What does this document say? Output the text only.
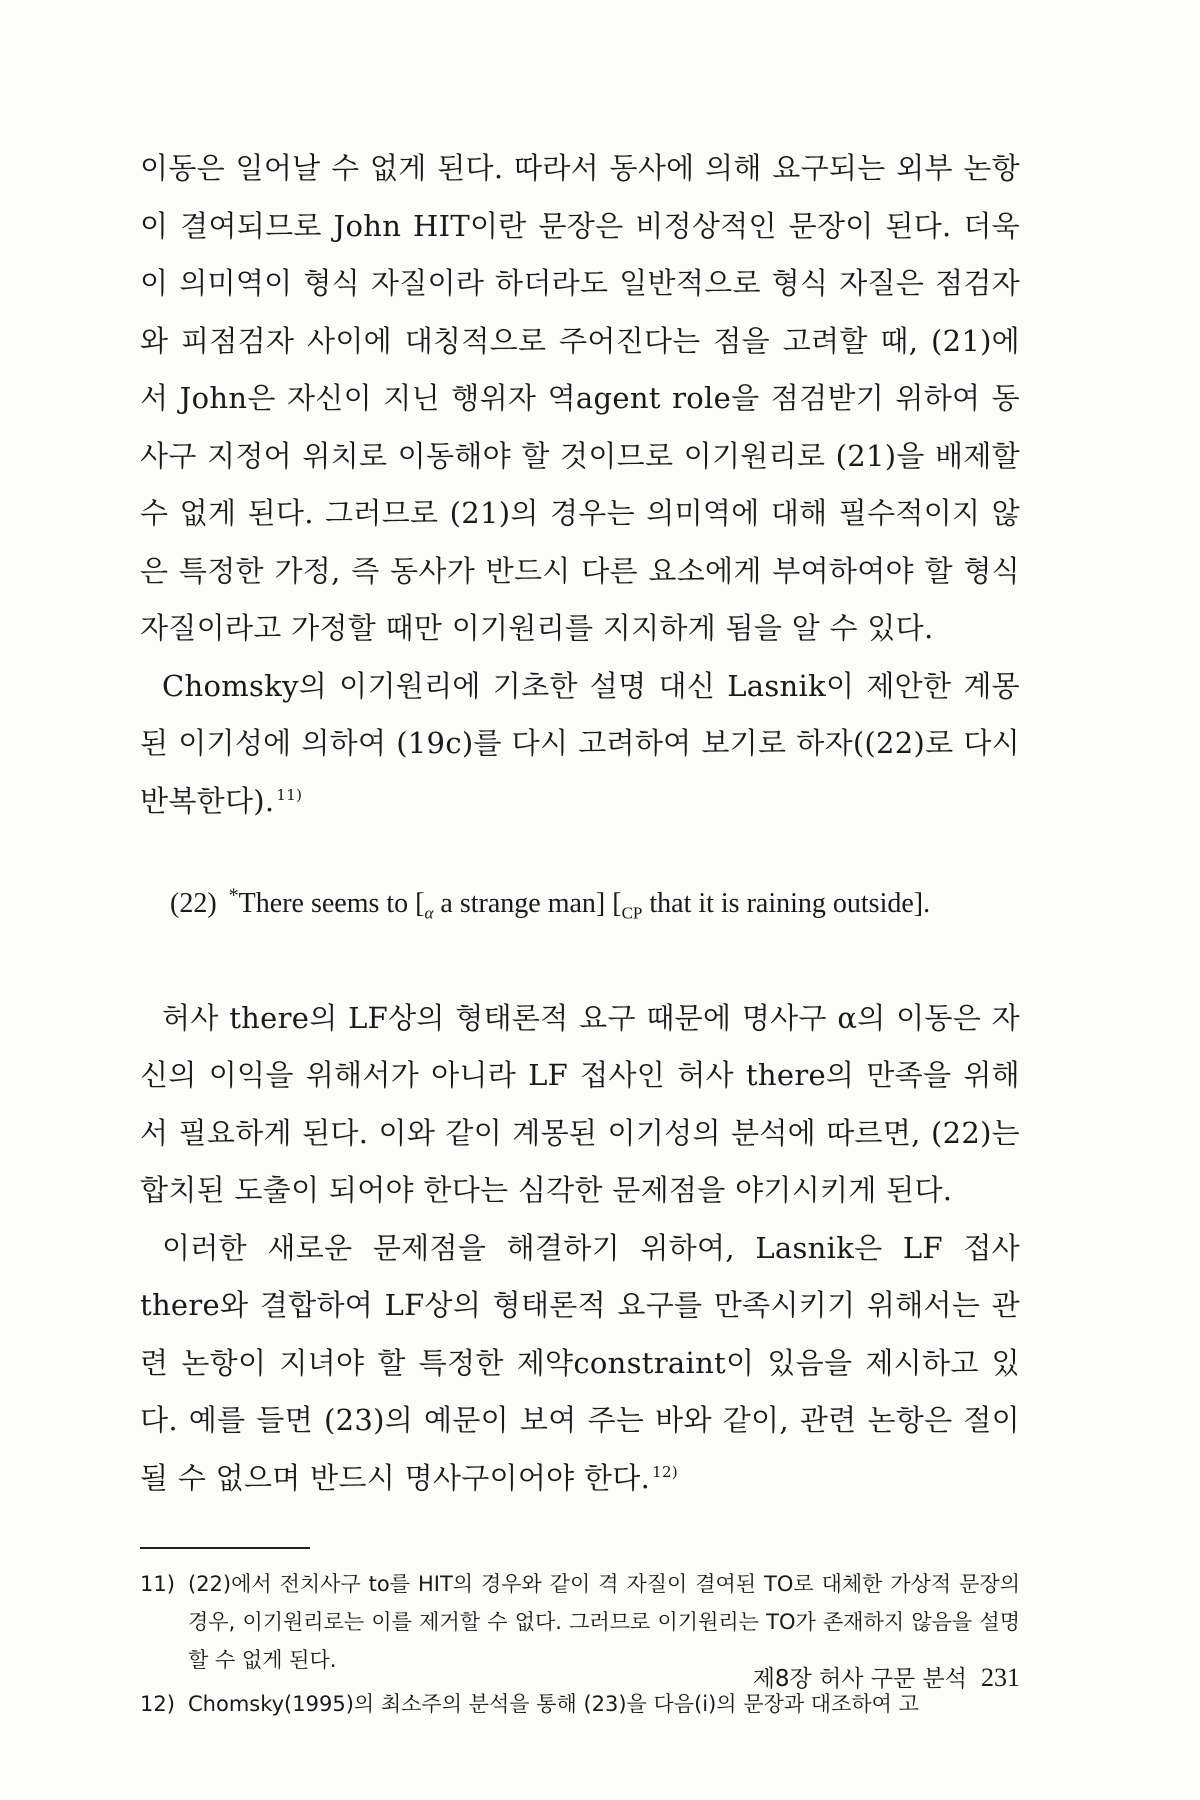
이동은 일어날 수 없게 된다. 따라서 동사에 의해 요구되는 외부 논항이 결여되므로 John HIT이란 문장은 비정상적인 문장이 된다. 더욱이 의미역이 형식 자질이라 하더라도 일반적으로 형식 자질은 점검자와 피점검자 사이에 대칭적으로 주어진다는 점을 고려할 때, (21)에서 John은 자신이 지닌 행위자 역agent role을 점검받기 위하여 동사구 지정어 위치로 이동해야 할 것이므로 이기원리로 (21)을 배제할 수 없게 된다. 그러므로 (21)의 경우는 의미역에 대해 필수적이지 않은 특정한 가정, 즉 동사가 반드시 다른 요소에게 부여하여야 할 형식 자질이라고 가정할 때만 이기원리를 지지하게 됨을 알 수 있다.

Chomsky의 이기원리에 기초한 설명 대신 Lasnik이 제안한 계몽된 이기성에 의하여 (19c)를 다시 고려하여 보기로 하자((22)로 다시 반복한다). $^{11)}$

(22) *There seems to [$_\alpha$ a strange man] [$_{CP}$ that it is raining outside].

허사 there의 LF상의 형태론적 요구 때문에 명사구 α의 이동은 자신의 이익을 위해서가 아니라 LF 접사인 허사 there의 만족을 위해서 필요하게 된다. 이와 같이 계몽된 이기성의 분석에 따르면, (22)는 합치된 도출이 되어야 한다는 심각한 문제점을 야기시키게 된다.

이러한 새로운 문제점을 해결하기 위하여, Lasnik은 LF 접사 there와 결합하여 LF상의 형태론적 요구를 만족시키기 위해서는 관련 논항이 지녀야 할 특정한 제약constraint이 있음을 제시하고 있다. 예를 들면 (23)의 예문이 보여 주는 바와 같이, 관련 논항은 절이 될 수 없으며 반드시 명사구이어야 한다. $^{12)}$

11) (22)에서 전치사구 to를 HIT의 경우와 같이 격 자질이 결여된 TO로 대체한 가상적 문장의 경우, 이기원리로는 이를 제거할 수 없다. 그러므로 이기원리는 TO가 존재하지 않음을 설명할 수 없게 된다.

12) Chomsky(1995)의 최소주의 분석을 통해 (23)을 다음(i)의 문장과 대조하여 고

제8장 허사 구문 분석 231
